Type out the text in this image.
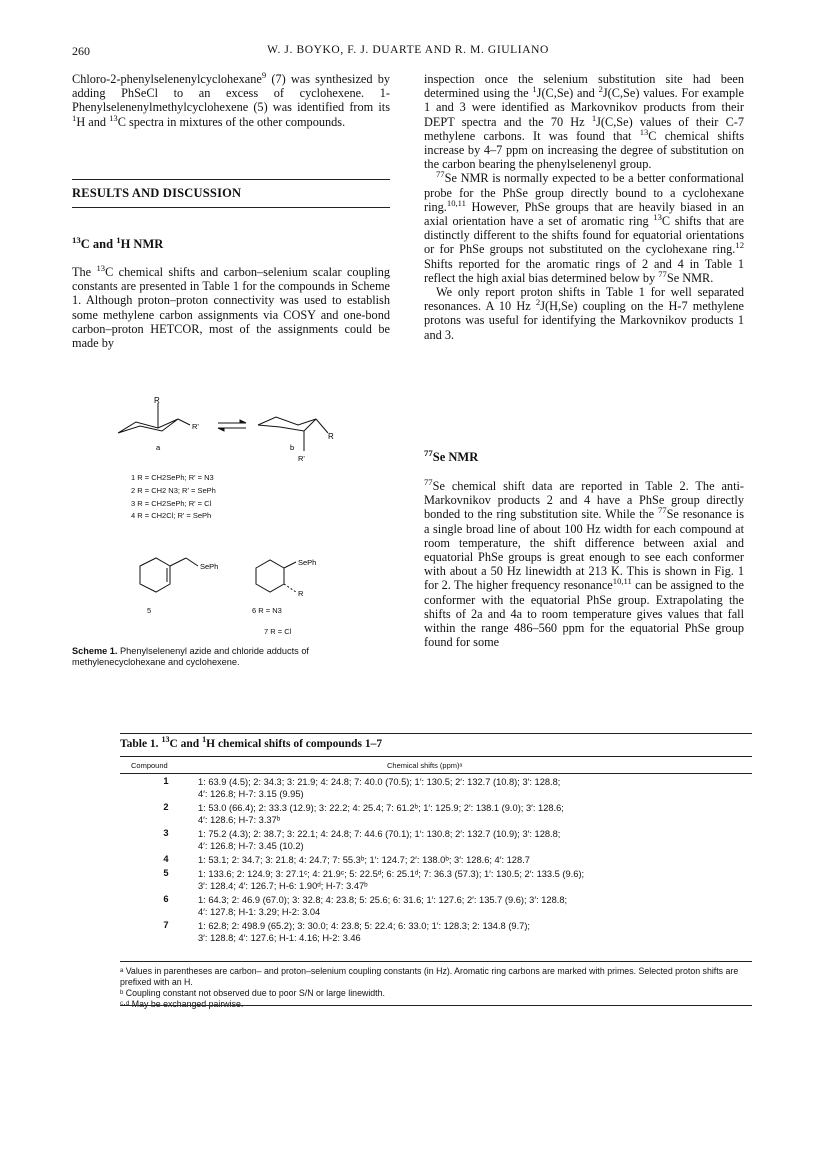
260	W. J. BOYKO, F. J. DUARTE AND R. M. GIULIANO

Chloro-2-phenylselenenylcyclohexane$^9$ (7) was synthesized by adding PhSeCl to an excess of cyclohexene. 1-Phenylselenenylmethylcyclohexene (5) was identified from its $^1$H and $^{13}$C spectra in mixtures of the other compounds.

RESULTS AND DISCUSSION
$^{13}$C and $^1$H NMR

The $^{13}$C chemical shifts and carbon–selenium scalar coupling constants are presented in Table 1 for the compounds in Scheme 1. Although proton–proton connectivity was used to establish some methylene carbon assignments via COSY and one-bond carbon–proton HETCOR, most of the assignments could be made by

inspection once the selenium substitution site had been determined using the $^1$J(C,Se) and $^2$J(C,Se) values. For example 1 and 3 were identified as Markovnikov products from their DEPT spectra and the 70 Hz $^1$J(C,Se) values of their C-7 methylene carbons. It was found that $^{13}$C chemical shifts increase by 4–7 ppm on increasing the degree of substitution on the carbon bearing the phenylselenenyl group.

$^{77}$Se NMR is normally expected to be a better conformational probe for the PhSe group directly bound to a cyclohexane ring.$^{10,11}$ However, PhSe groups that are heavily biased in an axial orientation have a set of aromatic ring $^{13}$C shifts that are distinctly different to the shifts found for equatorial orientations or for PhSe groups not substituted on the cyclohexane ring.$^{12}$ Shifts reported for the aromatic rings of 2 and 4 in Table 1 reflect the high axial bias determined below by $^{77}$Se NMR.

We only report proton shifts in Table 1 for well separated resonances. A 10 Hz $^2$J(H,Se) coupling on the H-7 methylene protons was useful for identifying the Markovnikov products 1 and 3.

$^{77}$Se NMR

$^{77}$Se chemical shift data are reported in Table 2. The anti-Markovnikov products 2 and 4 have a PhSe group directly bonded to the ring substitution site. While the $^{77}$Se resonance is a single broad line of about 100 Hz width for each compound at room temperature, the shift difference between axial and equatorial PhSe groups is great enough to see each conformer with about a 50 Hz linewidth at 213 K. This is shown in Fig. 1 for 2. The higher frequency resonance$^{10,11}$ can be assigned to the conformer with the equatorial PhSe group. Extrapolating the shifts of 2a and 4a to room temperature gives values that fall within the range 486–560 ppm for the equatorial PhSe group found for some

R
R'
a
R
R'
b
1 R = CH2SePh; R' = N3
2 R = CH2 N3; R' = SePh
3 R = CH2SePh; R' = Cl
4 R = CH2Cl; R' = SePh
SePh	SePh
R
5	6 R = N3
7 R = Cl
Scheme 1. Phenylselenenyl azide and chloride adducts of methylenecyclohexane and cyclohexene.
Table 1. $^{13}$C and $^1$H chemical shifts of compounds 1–7
Compound	Chemical shifts (ppm)ᵃ
1	1: 63.9 (4.5); 2: 34.3; 3: 21.9; 4: 24.8; 7: 40.0 (70.5); 1′: 130.5; 2′: 132.7 (10.8); 3′: 128.8;
4′: 126.8; H-7: 3.15 (9.95)
2	1: 53.0 (66.4); 2: 33.3 (12.9); 3: 22.2; 4: 25.4; 7: 61.2ᵇ; 1′: 125.9; 2′: 138.1 (9.0); 3′: 128.6;
4′: 128.6; H-7: 3.37ᵇ
3	1: 75.2 (4.3); 2: 38.7; 3: 22.1; 4: 24.8; 7: 44.6 (70.1); 1′: 130.8; 2′: 132.7 (10.9); 3′: 128.8;
4′: 126.8; H-7: 3.45 (10.2)
4	1: 53.1; 2: 34.7; 3: 21.8; 4: 24.7; 7: 55.3ᵇ; 1′: 124.7; 2′: 138.0ᵇ; 3′: 128.6; 4′: 128.7
5	1: 133.6; 2: 124.9; 3: 27.1ᶜ; 4: 21.9ᶜ; 5: 22.5ᵈ; 6: 25.1ᵈ; 7: 36.3 (57.3); 1′: 130.5; 2′: 133.5 (9.6);
3′: 128.4; 4′: 126.7; H-6: 1.90ᵈ; H-7: 3.47ᵇ
6	1: 64.3; 2: 46.9 (67.0); 3: 32.8; 4: 23.8; 5: 25.6; 6: 31.6; 1′: 127.6; 2′: 135.7 (9.6); 3′: 128.8;
4′: 127.8; H-1: 3.29; H-2: 3.04
7	1: 62.8; 2: 498.9 (65.2); 3: 30.0; 4: 23.8; 5: 22.4; 6: 33.0; 1′: 128.3; 2: 134.8 (9.7);
3′: 128.8; 4′: 127.6; H-1: 4.16; H-2: 3.46
ᵃ Values in parentheses are carbon– and proton–selenium coupling constants (in Hz). Aromatic ring carbons are marked with primes. Selected proton shifts are prefixed with an H.
ᵇ Coupling constant not observed due to poor S/N or large linewidth.
ᶜ·ᵈ May be exchanged pairwise.
